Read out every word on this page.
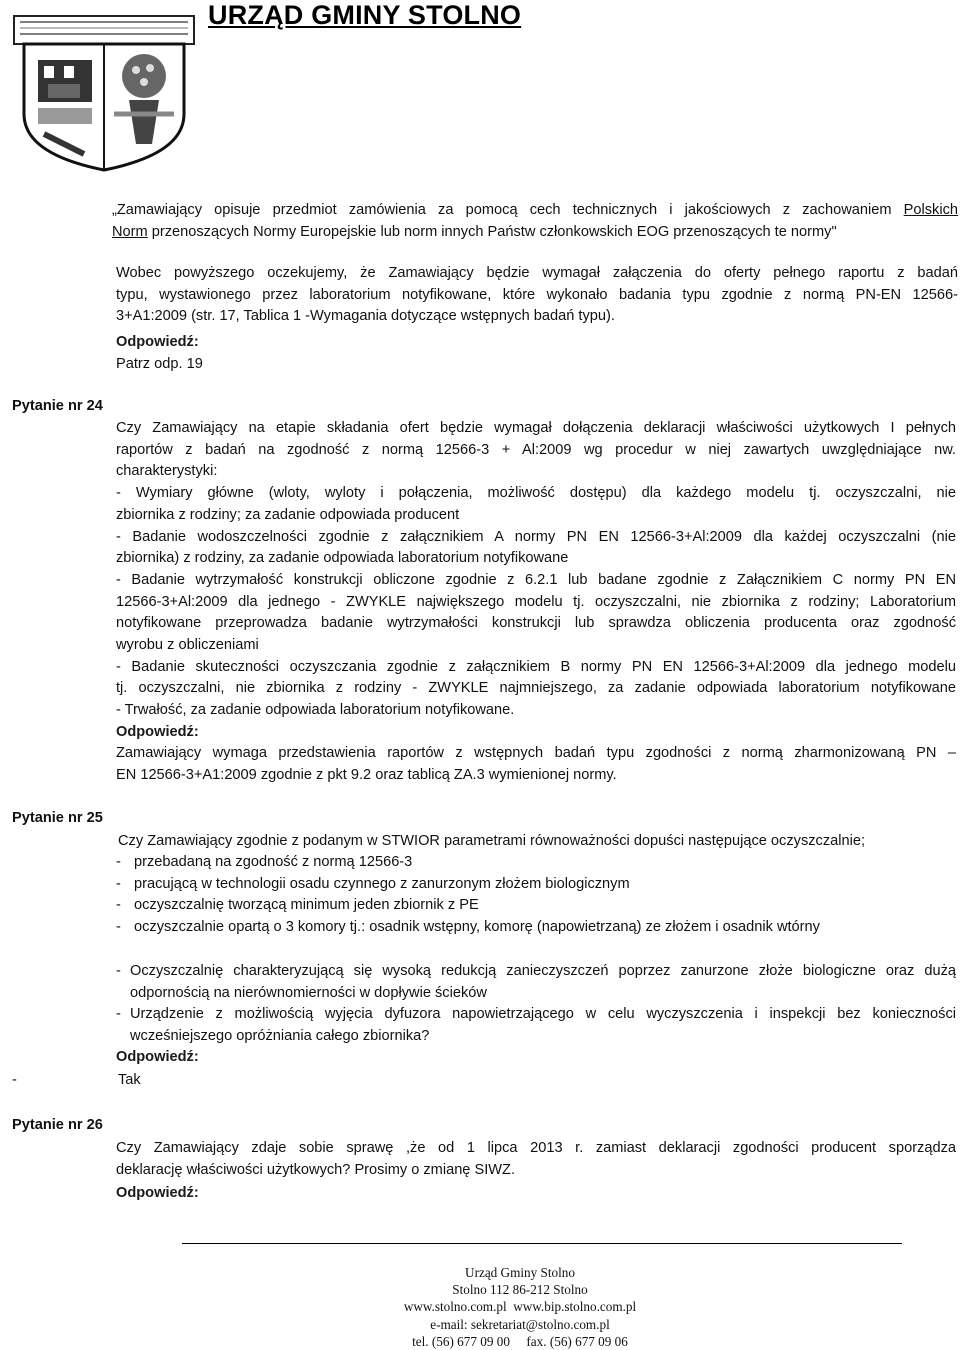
URZĄD GMINY STOLNO
„Zamawiający opisuje przedmiot zamówienia za pomocą cech technicznych i jakościowych z zachowaniem Polskich
Norm przenoszących Normy Europejskie lub norm innych Państw członkowskich EOG przenoszących te normy"
Wobec powyższego oczekujemy, że Zamawiający będzie wymagał załączenia do oferty pełnego raportu z badań
typu, wystawionego przez laboratorium notyfikowane, które wykonało badania typu zgodnie z normą PN-EN 12566-
3+A1:2009 (str. 17, Tablica 1 -Wymagania dotyczące wstępnych badań typu).
Odpowiedź:
Patrz odp. 19
Pytanie nr 24
Czy Zamawiający na etapie składania ofert będzie wymagał dołączenia deklaracji właściwości użytkowych I pełnych
raportów z badań na zgodność z normą 12566-3 + Al:2009 wg procedur w niej zawartych uwzględniające nw.
charakterystyki:
- Wymiary główne (wloty, wyloty i połączenia, możliwość dostępu) dla każdego modelu tj. oczyszczalni, nie
zbiornika z rodziny; za zadanie odpowiada producent
- Badanie wodoszczelności zgodnie z załącznikiem A normy PN EN 12566-3+Al:2009 dla każdej oczyszczalni (nie
zbiornika) z rodziny, za zadanie odpowiada laboratorium notyfikowane
- Badanie wytrzymałość konstrukcji obliczone zgodnie z 6.2.1 lub badane zgodnie z Załącznikiem C normy PN EN
12566-3+Al:2009 dla jednego - ZWYKLE największego modelu tj. oczyszczalni, nie zbiornika z rodziny; Laboratorium
notyfikowane przeprowadza badanie wytrzymałości konstrukcji lub sprawdza obliczenia producenta oraz zgodność
wyrobu z obliczeniami
- Badanie skuteczności oczyszczania zgodnie z załącznikiem B normy PN EN 12566-3+Al:2009 dla jednego modelu
tj. oczyszczalni, nie zbiornika z rodziny - ZWYKLE najmniejszego, za zadanie odpowiada laboratorium notyfikowane
- Trwałość, za zadanie odpowiada laboratorium notyfikowane.
Odpowiedź:
Zamawiający wymaga przedstawienia raportów z wstępnych badań typu zgodności z normą zharmonizowaną PN –
EN 12566-3+A1:2009 zgodnie z pkt 9.2 oraz tablicą ZA.3 wymienionej normy.
Pytanie nr 25
Czy Zamawiający zgodnie z podanym w STWIOR parametrami równoważności dopuści następujące oczyszczalnie;
- przebadaną na zgodność z normą 12566-3
- pracującą w technologii osadu czynnego z zanurzonym złożem biologicznym
- oczyszczalnię tworzącą minimum jeden zbiornik z PE
- oczyszczalnie opartą o 3 komory tj.: osadnik wstępny, komorę (napowietrzaną) ze złożem i osadnik wtórny
- Oczyszczalnię charakteryzującą się wysoką redukcją zanieczyszczeń poprzez zanurzone złoże biologiczne oraz dużą
odpornością na nierównomierności w dopływie ścieków
- Urządzenie z możliwością wyjęcia dyfuzora napowietrzającego w celu wyczyszczenia i inspekcji bez konieczności
wcześniejszego opróżniania całego zbiornika?
Odpowiedź:
-	Tak
Pytanie nr 26
Czy Zamawiający zdaje sobie sprawę ,że od 1 lipca 2013 r. zamiast deklaracji zgodności producent sporządza
deklarację właściwości użytkowych? Prosimy o zmianę SIWZ.
Odpowiedź:
Urząd Gminy Stolno
Stolno 112 86-212 Stolno
www.stolno.com.pl www.bip.stolno.com.pl
e-mail: sekretariat@stolno.com.pl
tel. (56) 677 09 00 fax. (56) 677 09 06
